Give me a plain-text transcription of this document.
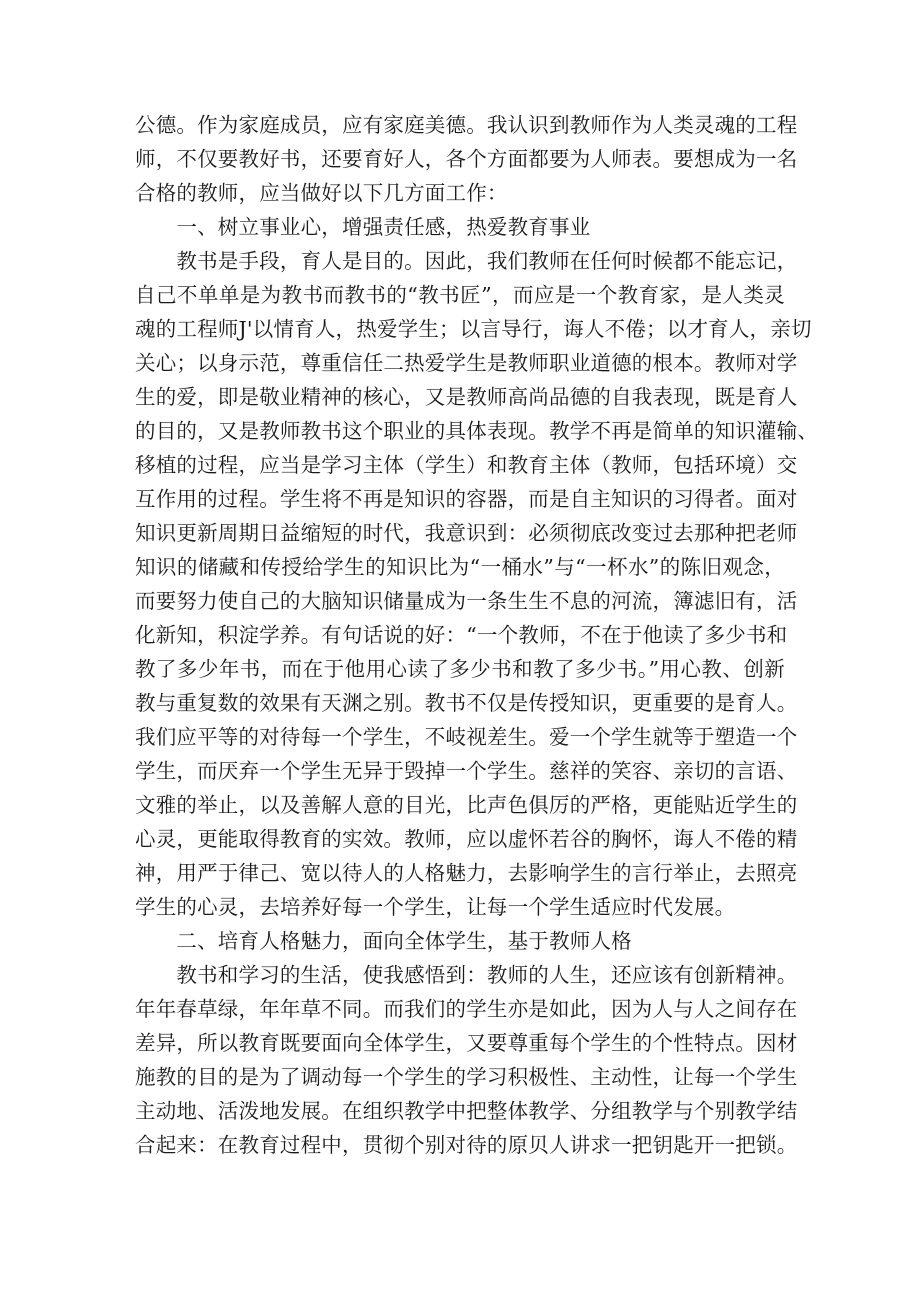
公德。作为家庭成员，应有家庭美德。我认识到教师作为人类灵魂的工程
师，不仅要教好书，还要育好人，各个方面都要为人师表。要想成为一名
合格的教师，应当做好以下几方面工作：
　　一、树立事业心，增强责任感，热爱教育事业
　　教书是手段，育人是目的。因此，我们教师在任何时候都不能忘记，
自己不单单是为教书而教书的“教书匠”，而应是一个教育家，是人类灵
魂的工程师J'以情育人，热爱学生；以言导行，诲人不倦；以才育人，亲切
关心；以身示范，尊重信任二热爱学生是教师职业道德的根本。教师对学
生的爱，即是敬业精神的核心，又是教师高尚品德的自我表现，既是育人
的目的，又是教师教书这个职业的具体表现。教学不再是简单的知识灌输、
移植的过程，应当是学习主体（学生）和教育主体（教师，包括环境）交
互作用的过程。学生将不再是知识的容器，而是自主知识的习得者。面对
知识更新周期日益缩短的时代，我意识到：必须彻底改变过去那种把老师
知识的储藏和传授给学生的知识比为“一桶水”与“一杯水”的陈旧观念，
而要努力使自己的大脑知识储量成为一条生生不息的河流，簿滤旧有，活
化新知，积淀学养。有句话说的好：“一个教师，不在于他读了多少书和
教了多少年书，而在于他用心读了多少书和教了多少书。”用心教、创新
教与重复数的效果有天渊之别。教书不仅是传授知识，更重要的是育人。
我们应平等的对待每一个学生，不岐视差生。爱一个学生就等于塑造一个
学生，而厌弃一个学生无异于毁掉一个学生。慈祥的笑容、亲切的言语、
文雅的举止，以及善解人意的目光，比声色俱厉的严格，更能贴近学生的
心灵，更能取得教育的实效。教师，应以虚怀若谷的胸怀，诲人不倦的精
神，用严于律己、宽以待人的人格魅力，去影响学生的言行举止，去照亮
学生的心灵，去培养好每一个学生，让每一个学生适应时代发展。
　　二、培育人格魅力，面向全体学生，基于教师人格
　　教书和学习的生活，使我感悟到：教师的人生，还应该有创新精神。
年年春草绿，年年草不同。而我们的学生亦是如此，因为人与人之间存在
差异，所以教育既要面向全体学生，又要尊重每个学生的个性特点。因材
施教的目的是为了调动每一个学生的学习积极性、主动性，让每一个学生
主动地、活泼地发展。在组织教学中把整体教学、分组教学与个别教学结
合起来：在教育过程中，贯彻个别对待的原贝人讲求一把钥匙开一把锁。
